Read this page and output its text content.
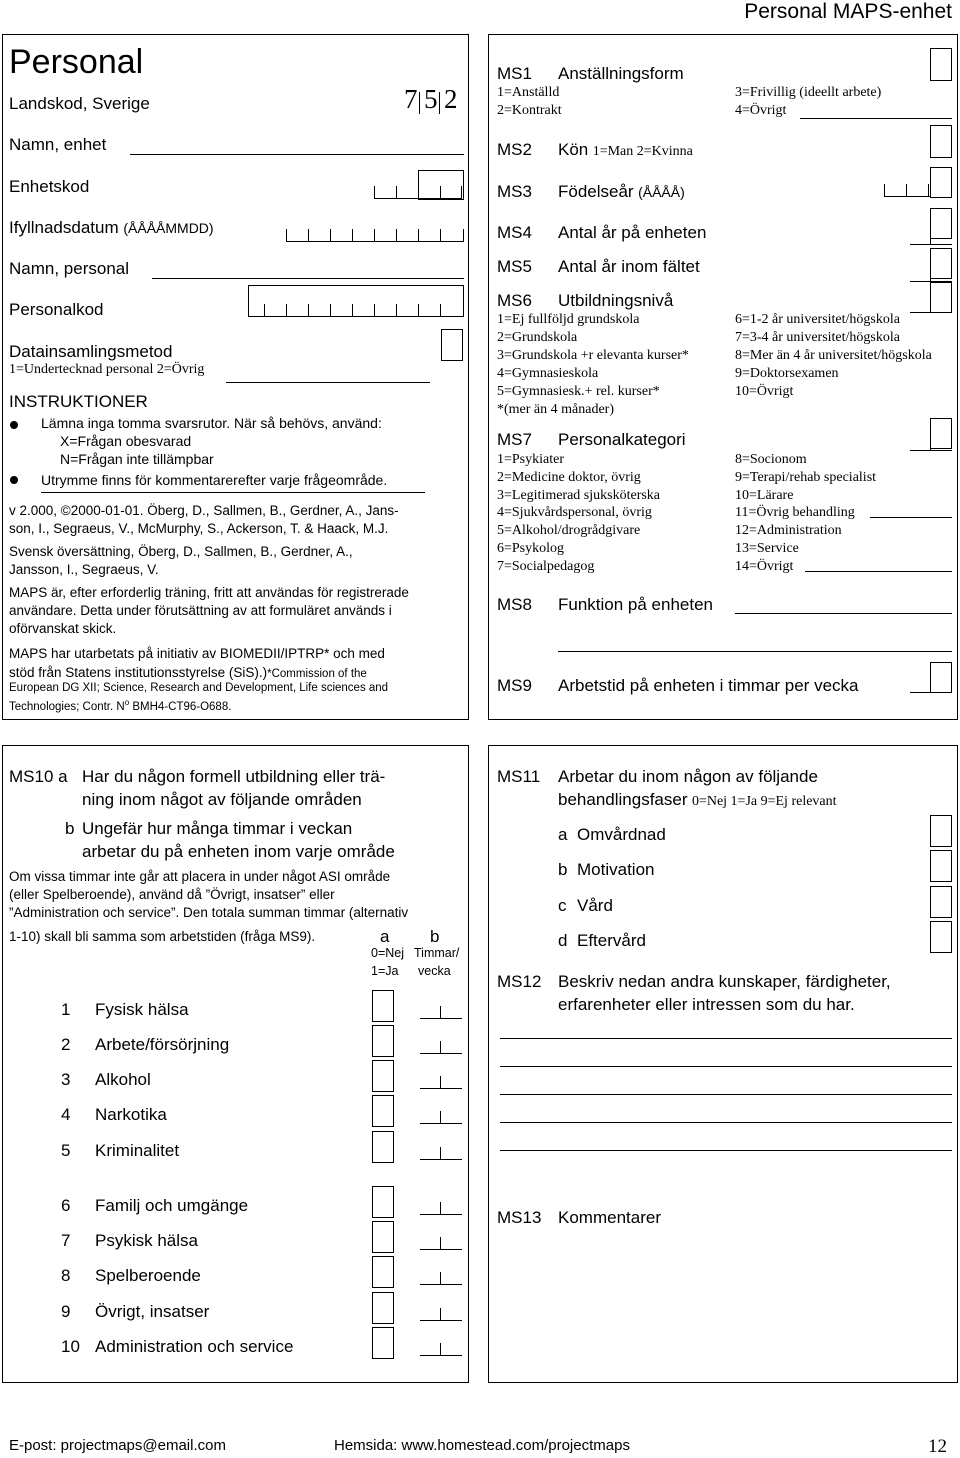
Personal MAPS-enhet
Personal
Landskod, Sverige	7 5 2
Namn, enhet
Enhetskod
Ifyllnadsdatum (ÅÅÅÅMMDD)
Namn, personal
Personalkod
Datainsamlingsmetod
1=Undertecknad personal 2=Övrig
INSTRUKTIONER
Lämna inga tomma svarsrutor. När så behövs, använd:
X=Frågan obesvarad
N=Frågan inte tillämpbar
Utrymme finns för kommentarerefter varje frågeområde.
v 2.000, ©2000-01-01. Öberg, D., Sallmen, B., Gerdner, A., Jans-
son, I., Segraeus, V., McMurphy, S., Ackerson, T. & Haack, M.J.
Svensk översättning, Öberg, D., Sallmen, B., Gerdner, A.,
Jansson, I., Segraeus, V.
MAPS är, efter erforderlig träning, fritt att användas för registrerade
användare. Detta under förutsättning av att formuläret används i
oförvanskat skick.
MAPS har utarbetats på initiativ av BIOMEDII/IPTRP* och med
stöd från Statens institutionsstyrelse (SiS).)*Commission of the
European DG XII; Science, Research and Development, Life sciences and
Technologies; Contr. $N^o$ BMH4-CT96-O688.
MS1 Anställningsform
1=Anställd
2=Kontrakt
3=Frivillig (ideellt arbete)
4=Övrigt
MS2 Kön 1=Man 2=Kvinna
MS3 Födelseår (ÅÅÅÅ)
MS4 Antal år på enheten
MS5 Antal år inom fältet
MS6 Utbildningsnivå
1=Ej fullföljd grundskola
2=Grundskola
3=Grundskola +r elevanta kurser*
4=Gymnasieskola
5=Gymnasiesk.+ rel. kurser*
*(mer än 4 månader)
6=1-2 år universitet/högskola
7=3-4 år universitet/högskola
8=Mer än 4 år universitet/högskola
9=Doktorsexamen
10=Övrigt
MS7 Personalkategori
1=Psykiater
2=Medicine doktor, övrig
3=Legitimerad sjuksköterska
4=Sjukvårdspersonal, övrig
5=Alkohol/drogrådgivare
6=Psykolog
7=Socialpedagog
8=Socionom
9=Terapi/rehab specialist
10=Lärare
11=Övrig behandling
12=Administration
13=Service
14=Övrigt
MS8 Funktion på enheten
MS9 Arbetstid på enheten i timmar per vecka
MS10 a Har du någon formell utbildning eller trä-
ning inom något av följande områden
b Ungefär hur många timmar i veckan
arbetar du på enheten inom varje område
Om vissa timmar inte går att placera in under något ASI område
(eller Spelberoende), använd då ”Övrigt, insatser” eller
”Administration och service”. Den totala summan timmar (alternativ
1-10) skall bli samma som arbetstiden (fråga MS9).	a b
0=Nej
1=Ja
Timmar/
vecka
1 Fysisk hälsa
2 Arbete/försörjning
3 Alkohol
4 Narkotika
5 Kriminalitet
6 Familj och umgänge
7 Psykisk hälsa
8 Spelberoende
9 Övrigt, insatser
10 Administration och service
MS11 Arbetar du inom någon av följande
behandlingsfaser 0=Nej 1=Ja 9=Ej relevant
a Omvårdnad
b Motivation
c Vård
d Eftervård
MS12 Beskriv nedan andra kunskaper, färdigheter,
erfarenheter eller intressen som du har.
MS13 Kommentarer
E-post: projectmaps@email.com	Hemsida: www.homestead.com/projectmaps	12
